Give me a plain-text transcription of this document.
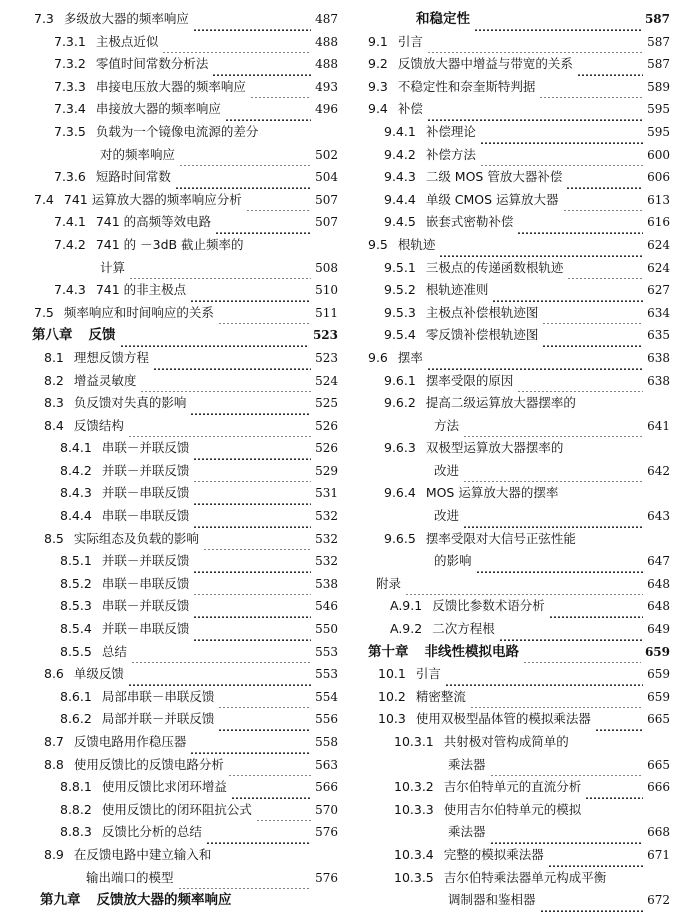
7.3 多级放大器的频率响应	487
7.3.1 主极点近似	488
7.3.2 零值时间常数分析法	488
7.3.3 串接电压放大器的频率响应	493
7.3.4 串接放大器的频率响应	496
7.3.5 负载为一个镜像电流源的差分
对的频率响应	502
7.3.6 短路时间常数	504
7.4 741 运算放大器的频率响应分析	507
7.4.1 741 的高频等效电路	507
7.4.2 741 的 －3dB 截止频率的
计算	508
7.4.3 741 的非主极点	510
7.5 频率响应和时间响应的关系	511
第八章 反馈	523
8.1 理想反馈方程	523
8.2 增益灵敏度	524
8.3 负反馈对失真的影响	525
8.4 反馈结构	526
8.4.1 串联－并联反馈	526
8.4.2 并联－并联反馈	529
8.4.3 并联－串联反馈	531
8.4.4 串联－串联反馈	532
8.5 实际组态及负载的影响	532
8.5.1 并联－并联反馈	532
8.5.2 串联－串联反馈	538
8.5.3 串联－并联反馈	546
8.5.4 并联－串联反馈	550
8.5.5 总结	553
8.6 单级反馈	553
8.6.1 局部串联－串联反馈	554
8.6.2 局部并联－并联反馈	556
8.7 反馈电路用作稳压器	558
8.8 使用反馈比的反馈电路分析	563
8.8.1 使用反馈比求闭环增益	566
8.8.2 使用反馈比的闭环阻抗公式	570
8.8.3 反馈比分析的总结	576
8.9 在反馈电路中建立输入和
输出端口的模型	576
第九章 反馈放大器的频率响应
和稳定性	587
9.1 引言	587
9.2 反馈放大器中增益与带宽的关系	587
9.3 不稳定性和奈奎斯特判据	589
9.4 补偿	595
9.4.1 补偿理论	595
9.4.2 补偿方法	600
9.4.3 二级 MOS 管放大器补偿	606
9.4.4 单级 CMOS 运算放大器	613
9.4.5 嵌套式密勒补偿	616
9.5 根轨迹	624
9.5.1 三极点的传递函数根轨迹	624
9.5.2 根轨迹准则	627
9.5.3 主极点补偿根轨迹图	634
9.5.4 零反馈补偿根轨迹图	635
9.6 摆率	638
9.6.1 摆率受限的原因	638
9.6.2 提高二级运算放大器摆率的
方法	641
9.6.3 双极型运算放大器摆率的
改进	642
9.6.4 MOS 运算放大器的摆率
改进	643
9.6.5 摆率受限对大信号正弦性能
的影响	647
附录	648
A.9.1 反馈比参数术语分析	648
A.9.2 二次方程根	649
第十章 非线性模拟电路	659
10.1 引言	659
10.2 精密整流	659
10.3 使用双极型晶体管的模拟乘法器	665
10.3.1 共射极对管构成简单的
乘法器	665
10.3.2 吉尔伯特单元的直流分析	666
10.3.3 使用吉尔伯特单元的模拟
乘法器	668
10.3.4 完整的模拟乘法器	671
10.3.5 吉尔伯特乘法器单元构成平衡
调制器和鉴相器	672
